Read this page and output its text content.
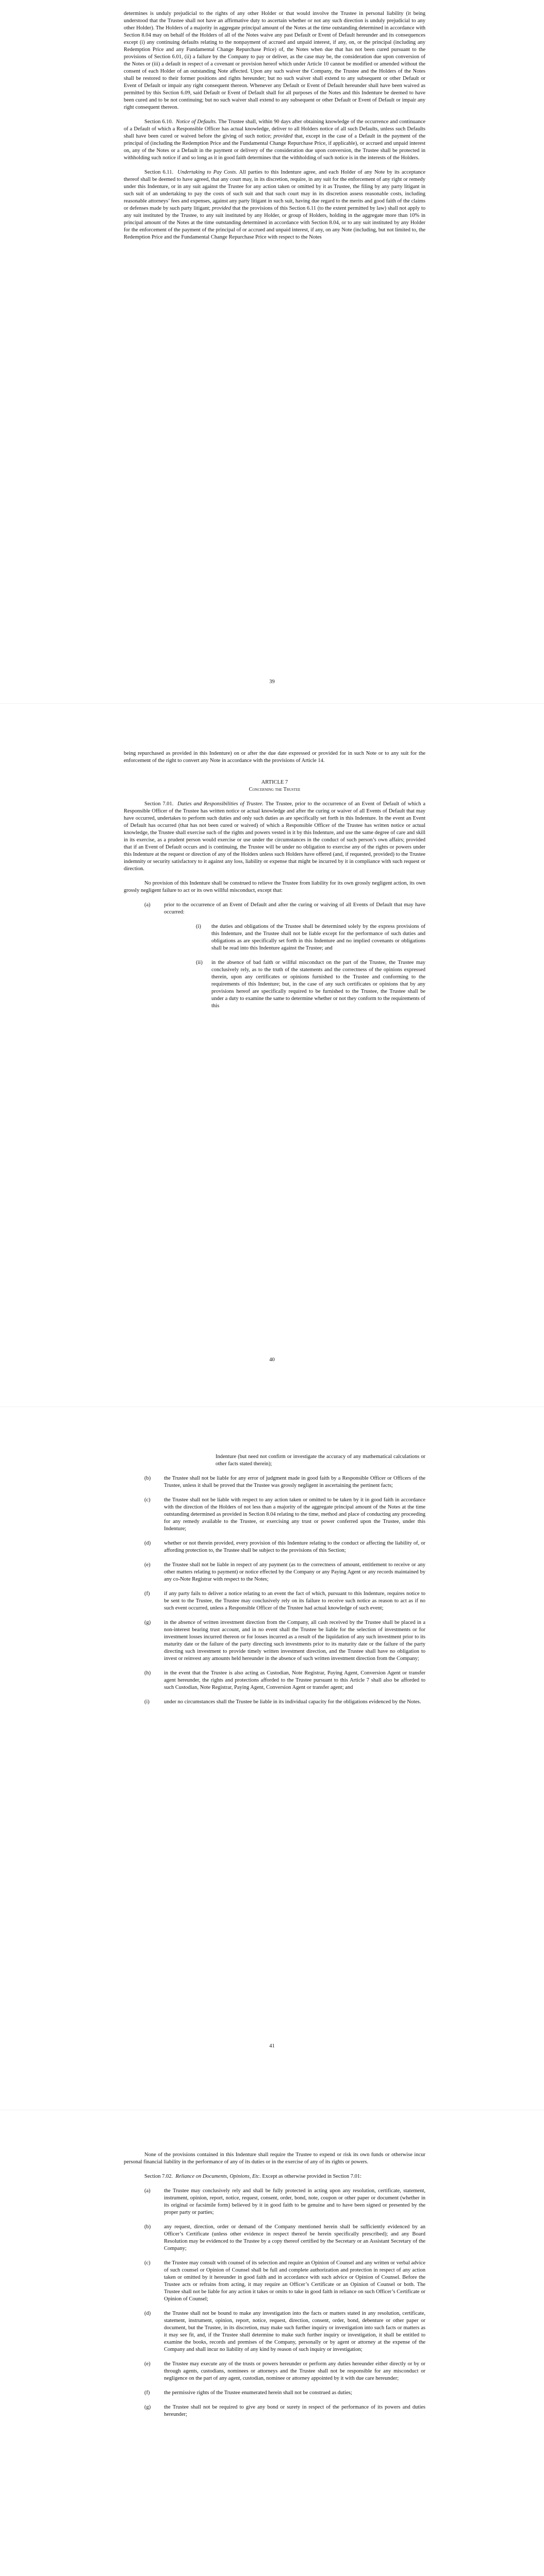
determines is unduly prejudicial to the rights of any other Holder or that would involve the Trustee in personal liability (it being understood that the Trustee shall not have an affirmative duty to ascertain whether or not any such direction is unduly prejudicial to any other Holder). The Holders of a majority in aggregate principal amount of the Notes at the time outstanding determined in accordance with Section 8.04 may on behalf of the Holders of all of the Notes waive any past Default or Event of Default hereunder and its consequences except (i) any continuing defaults relating to the nonpayment of accrued and unpaid interest, if any, on, or the principal (including any Redemption Price and any Fundamental Change Repurchase Price) of, the Notes when due that has not been cured pursuant to the provisions of Section 6.01, (ii) a failure by the Company to pay or deliver, as the case may be, the consideration due upon conversion of the Notes or (iii) a default in respect of a covenant or provision hereof which under Article 10 cannot be modified or amended without the consent of each Holder of an outstanding Note affected. Upon any such waiver the Company, the Trustee and the Holders of the Notes shall be restored to their former positions and rights hereunder; but no such waiver shall extend to any subsequent or other Default or Event of Default or impair any right consequent thereon. Whenever any Default or Event of Default hereunder shall have been waived as permitted by this Section 6.09, said Default or Event of Default shall for all purposes of the Notes and this Indenture be deemed to have been cured and to be not continuing; but no such waiver shall extend to any subsequent or other Default or Event of Default or impair any right consequent thereon.

Section 6.10. Notice of Defaults. The Trustee shall, within 90 days after obtaining knowledge of the occurrence and continuance of a Default of which a Responsible Officer has actual knowledge, deliver to all Holders notice of all such Defaults, unless such Defaults shall have been cured or waived before the giving of such notice; provided that, except in the case of a Default in the payment of the principal of (including the Redemption Price and the Fundamental Change Repurchase Price, if applicable), or accrued and unpaid interest on, any of the Notes or a Default in the payment or delivery of the consideration due upon conversion, the Trustee shall be protected in withholding such notice if and so long as it in good faith determines that the withholding of such notice is in the interests of the Holders.

Section 6.11. Undertaking to Pay Costs. All parties to this Indenture agree, and each Holder of any Note by its acceptance thereof shall be deemed to have agreed, that any court may, in its discretion, require, in any suit for the enforcement of any right or remedy under this Indenture, or in any suit against the Trustee for any action taken or omitted by it as Trustee, the filing by any party litigant in such suit of an undertaking to pay the costs of such suit and that such court may in its discretion assess reasonable costs, including reasonable attorneys’ fees and expenses, against any party litigant in such suit, having due regard to the merits and good faith of the claims or defenses made by such party litigant; provided that the provisions of this Section 6.11 (to the extent permitted by law) shall not apply to any suit instituted by the Trustee, to any suit instituted by any Holder, or group of Holders, holding in the aggregate more than 10% in principal amount of the Notes at the time outstanding determined in accordance with Section 8.04, or to any suit instituted by any Holder for the enforcement of the payment of the principal of or accrued and unpaid interest, if any, on any Note (including, but not limited to, the Redemption Price and the Fundamental Change Repurchase Price with respect to the Notes

39

being repurchased as provided in this Indenture) on or after the due date expressed or provided for in such Note or to any suit for the enforcement of the right to convert any Note in accordance with the provisions of Article 14.

ARTICLE 7

Concerning the Trustee

Section 7.01. Duties and Responsibilities of Trustee. The Trustee, prior to the occurrence of an Event of Default of which a Responsible Officer of the Trustee has written notice or actual knowledge and after the curing or waiver of all Events of Default that may have occurred, undertakes to perform such duties and only such duties as are specifically set forth in this Indenture. In the event an Event of Default has occurred (that has not been cured or waived) of which a Responsible Officer of the Trustee has written notice or actual knowledge, the Trustee shall exercise such of the rights and powers vested in it by this Indenture, and use the same degree of care and skill in its exercise, as a prudent person would exercise or use under the circumstances in the conduct of such person’s own affairs; provided that if an Event of Default occurs and is continuing, the Trustee will be under no obligation to exercise any of the rights or powers under this Indenture at the request or direction of any of the Holders unless such Holders have offered (and, if requested, provided) to the Trustee indemnity or security satisfactory to it against any loss, liability or expense that might be incurred by it in compliance with such request or direction.

No provision of this Indenture shall be construed to relieve the Trustee from liability for its own grossly negligent action, its own grossly negligent failure to act or its own willful misconduct, except that:

(a)	prior to the occurrence of an Event of Default and after the curing or waiving of all Events of Default that may have occurred:
(i)	the duties and obligations of the Trustee shall be determined solely by the express provisions of this Indenture, and the Trustee shall not be liable except for the performance of such duties and obligations as are specifically set forth in this Indenture and no implied covenants or obligations shall be read into this Indenture against the Trustee; and
(ii)	in the absence of bad faith or willful misconduct on the part of the Trustee, the Trustee may conclusively rely, as to the truth of the statements and the correctness of the opinions expressed therein, upon any certificates or opinions furnished to the Trustee and conforming to the requirements of this Indenture; but, in the case of any such certificates or opinions that by any provisions hereof are specifically required to be furnished to the Trustee, the Trustee shall be under a duty to examine the same to determine whether or not they conform to the requirements of this
40

Indenture (but need not confirm or investigate the accuracy of any mathematical calculations or other facts stated therein);

(b)	the Trustee shall not be liable for any error of judgment made in good faith by a Responsible Officer or Officers of the Trustee, unless it shall be proved that the Trustee was grossly negligent in ascertaining the pertinent facts;
(c)	the Trustee shall not be liable with respect to any action taken or omitted to be taken by it in good faith in accordance with the direction of the Holders of not less than a majority of the aggregate principal amount of the Notes at the time outstanding determined as provided in Section 8.04 relating to the time, method and place of conducting any proceeding for any remedy available to the Trustee, or exercising any trust or power conferred upon the Trustee, under this Indenture;
(d)	whether or not therein provided, every provision of this Indenture relating to the conduct or affecting the liability of, or affording protection to, the Trustee shall be subject to the provisions of this Section;
(e)	the Trustee shall not be liable in respect of any payment (as to the correctness of amount, entitlement to receive or any other matters relating to payment) or notice effected by the Company or any Paying Agent or any records maintained by any co-Note Registrar with respect to the Notes;
(f)	if any party fails to deliver a notice relating to an event the fact of which, pursuant to this Indenture, requires notice to be sent to the Trustee, the Trustee may conclusively rely on its failure to receive such notice as reason to act as if no such event occurred, unless a Responsible Officer of the Trustee had actual knowledge of such event;
(g)	in the absence of written investment direction from the Company, all cash received by the Trustee shall be placed in a non-interest bearing trust account, and in no event shall the Trustee be liable for the selection of investments or for investment losses incurred thereon or for losses incurred as a result of the liquidation of any such investment prior to its maturity date or the failure of the party directing such investments prior to its maturity date or the failure of the party directing such investment to provide timely written investment direction, and the Trustee shall have no obligation to invest or reinvest any amounts held hereunder in the absence of such written investment direction from the Company;
(h)	in the event that the Trustee is also acting as Custodian, Note Registrar, Paying Agent, Conversion Agent or transfer agent hereunder, the rights and protections afforded to the Trustee pursuant to this Article 7 shall also be afforded to such Custodian, Note Registrar, Paying Agent, Conversion Agent or transfer agent; and
(i)	under no circumstances shall the Trustee be liable in its individual capacity for the obligations evidenced by the Notes.
41

None of the provisions contained in this Indenture shall require the Trustee to expend or risk its own funds or otherwise incur personal financial liability in the performance of any of its duties or in the exercise of any of its rights or powers.

Section 7.02. Reliance on Documents, Opinions, Etc. Except as otherwise provided in Section 7.01:

(a)	the Trustee may conclusively rely and shall be fully protected in acting upon any resolution, certificate, statement, instrument, opinion, report, notice, request, consent, order, bond, note, coupon or other paper or document (whether in its original or facsimile form) believed by it in good faith to be genuine and to have been signed or presented by the proper party or parties;
(b)	any request, direction, order or demand of the Company mentioned herein shall be sufficiently evidenced by an Officer’s Certificate (unless other evidence in respect thereof be herein specifically prescribed); and any Board Resolution may be evidenced to the Trustee by a copy thereof certified by the Secretary or an Assistant Secretary of the Company;
(c)	the Trustee may consult with counsel of its selection and require an Opinion of Counsel and any written or verbal advice of such counsel or Opinion of Counsel shall be full and complete authorization and protection in respect of any action taken or omitted by it hereunder in good faith and in accordance with such advice or Opinion of Counsel. Before the Trustee acts or refrains from acting, it may require an Officer’s Certificate or an Opinion of Counsel or both. The Trustee shall not be liable for any action it takes or omits to take in good faith in reliance on such Officer’s Certificate or Opinion of Counsel;
(d)	the Trustee shall not be bound to make any investigation into the facts or matters stated in any resolution, certificate, statement, instrument, opinion, report, notice, request, direction, consent, order, bond, debenture or other paper or document, but the Trustee, in its discretion, may make such further inquiry or investigation into such facts or matters as it may see fit, and, if the Trustee shall determine to make such further inquiry or investigation, it shall be entitled to examine the books, records and premises of the Company, personally or by agent or attorney at the expense of the Company and shall incur no liability of any kind by reason of such inquiry or investigation;
(e)	the Trustee may execute any of the trusts or powers hereunder or perform any duties hereunder either directly or by or through agents, custodians, nominees or attorneys and the Trustee shall not be responsible for any misconduct or negligence on the part of any agent, custodian, nominee or attorney appointed by it with due care hereunder;
(f)	the permissive rights of the Trustee enumerated herein shall not be construed as duties;
(g)	the Trustee shall not be required to give any bond or surety in respect of the performance of its powers and duties hereunder;
